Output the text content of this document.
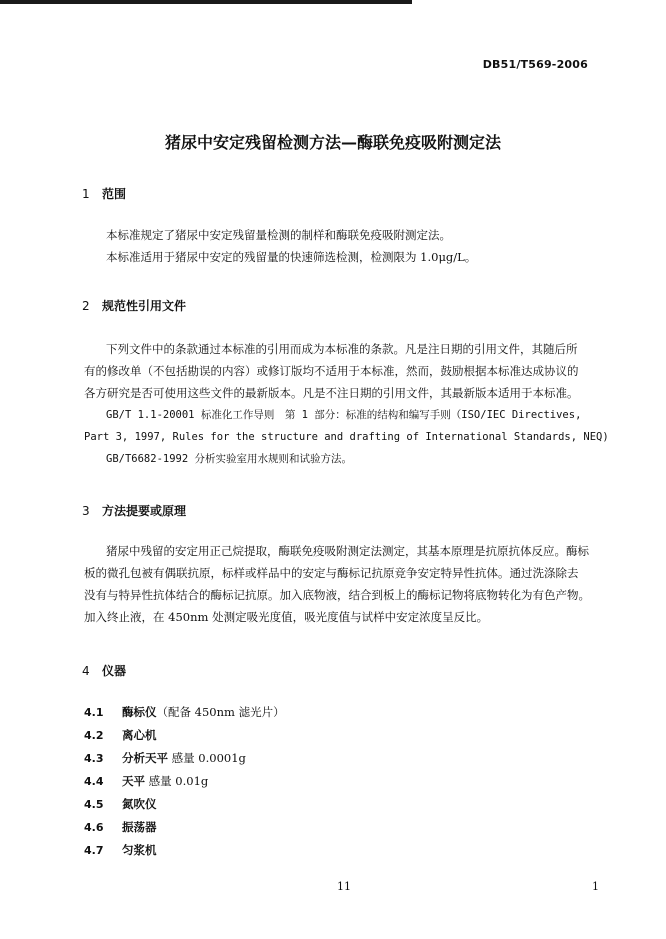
DB51/T569-2006
猪尿中安定残留检测方法—酶联免疫吸附测定法
1 范围
本标准规定了猪尿中安定残留量检测的制样和酶联免疫吸附测定法。
本标准适用于猪尿中安定的残留量的快速筛选检测，检测限为 1.0μg/L。
2 规范性引用文件
下列文件中的条款通过本标准的引用而成为本标准的条款。凡是注日期的引用文件，其随后所
有的修改单（不包括勘误的内容）或修订版均不适用于本标准，然而，鼓励根据本标准达成协议的
各方研究是否可使用这些文件的最新版本。凡是不注日期的引用文件，其最新版本适用于本标准。
GB/T 1.1-20001 标准化工作导则　第 1 部分：标准的结构和编写手则（ISO/IEC Directives,
Part 3, 1997, Rules for the structure and drafting of International Standards, NEQ)
GB/T6682-1992 分析实验室用水规则和试验方法。
3 方法提要或原理
猪尿中残留的安定用正己烷提取，酶联免疫吸附测定法测定，其基本原理是抗原抗体反应。酶标
板的微孔包被有偶联抗原，标样或样品中的安定与酶标记抗原竞争安定特异性抗体。通过洗涤除去
没有与特异性抗体结合的酶标记抗原。加入底物液，结合到板上的酶标记物将底物转化为有色产物。
加入终止液，在 450nm 处测定吸光度值，吸光度值与试样中安定浓度呈反比。
4 仪器
4.1 酶标仪（配备 450nm 滤光片）
4.2 离心机
4.3 分析天平 感量 0.0001g
4.4 天平 感量 0.01g
4.5 氮吹仪
4.6 振荡器
4.7 匀浆机
11	1
